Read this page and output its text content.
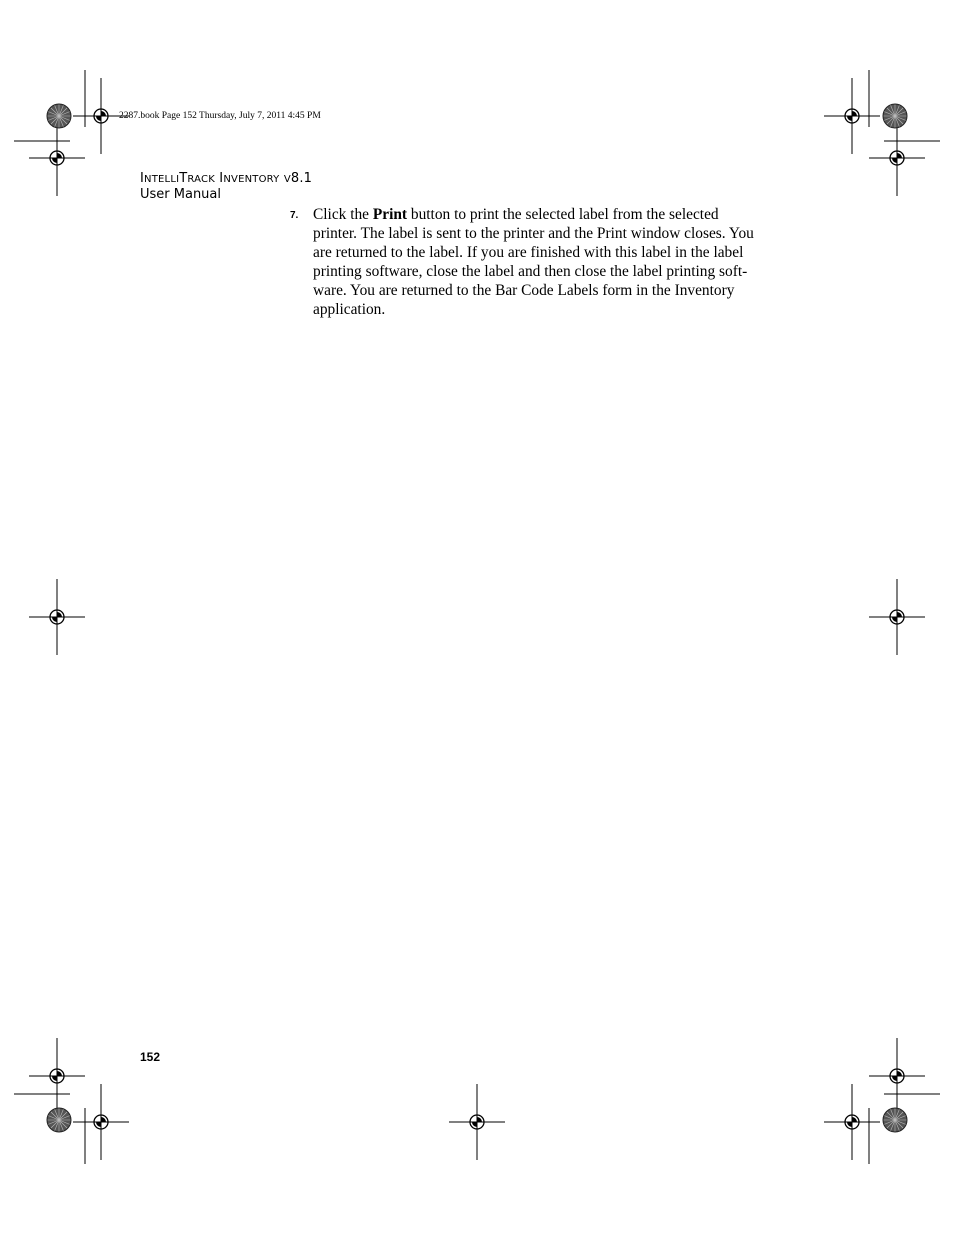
2287.book Page 152 Thursday, July 7, 2011 4:45 PM
INTELLITRACK INVENTORY V8.1
User Manual
7. Click the Print button to print the selected label from the selected
printer. The label is sent to the printer and the Print window closes. You
are returned to the label. If you are finished with this label in the label
printing software, close the label and then close the label printing soft-
ware. You are returned to the Bar Code Labels form in the Inventory
application.
152
